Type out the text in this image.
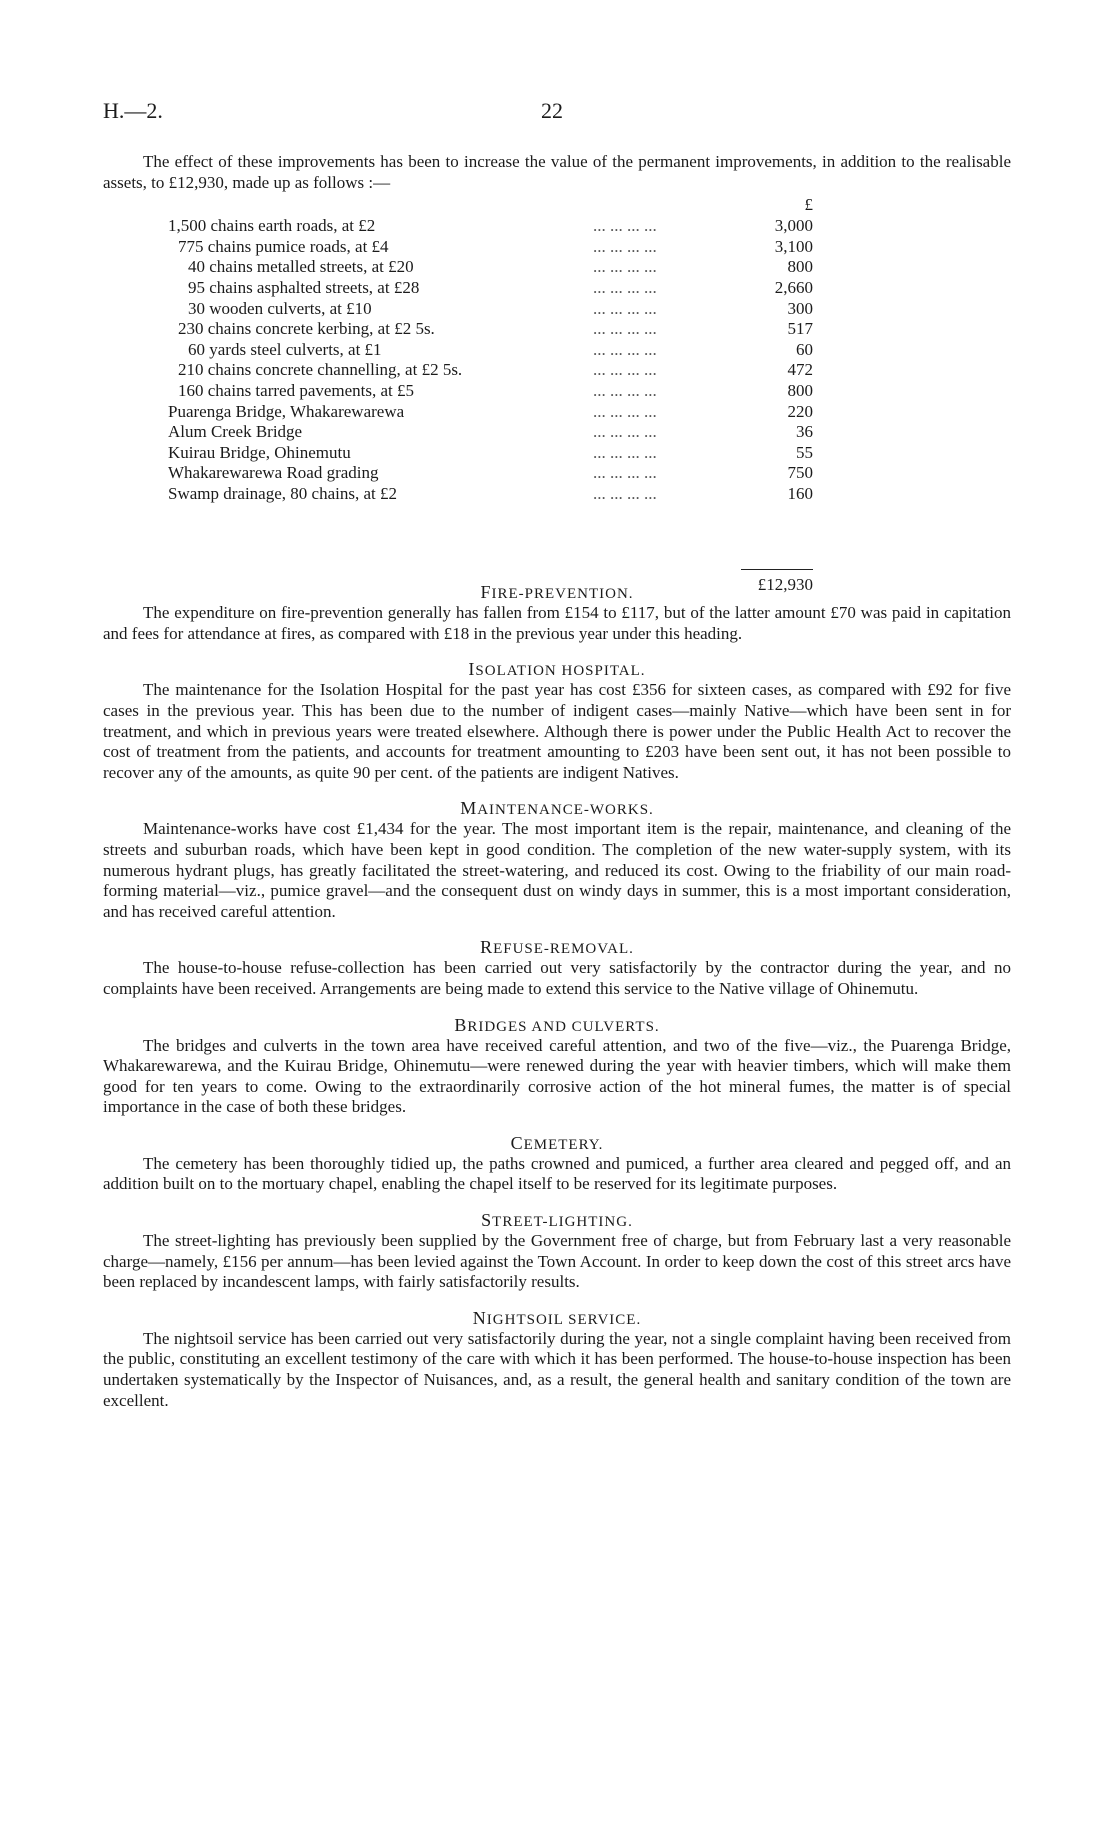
H.—2.	22

The effect of these improvements has been to increase the value of the permanent improvements, in addition to the realisable assets, to £12,930, made up as follows :—

£
1,500 chains earth roads, at £2	... ... ... ...	3,000
775 chains pumice roads, at £4	... ... ... ...	3,100
40 chains metalled streets, at £20	... ... ... ...	800
95 chains asphalted streets, at £28	... ... ... ...	2,660
30 wooden culverts, at £10	... ... ... ...	300
230 chains concrete kerbing, at £2 5s.	... ... ... ...	517
60 yards steel culverts, at £1	... ... ... ...	60
210 chains concrete channelling, at £2 5s.	... ... ... ...	472
160 chains tarred pavements, at £5	... ... ... ...	800
Puarenga Bridge, Whakarewarewa	... ... ... ...	220
Alum Creek Bridge	... ... ... ...	36
Kuirau Bridge, Ohinemutu	... ... ... ...	55
Whakarewarewa Road grading	... ... ... ...	750
Swamp drainage, 80 chains, at £2	... ... ... ...	160
£12,930
FIRE-PREVENTION.

The expenditure on fire-prevention generally has fallen from £154 to £117, but of the latter amount £70 was paid in capitation and fees for attendance at fires, as compared with £18 in the previous year under this heading.

ISOLATION HOSPITAL.

The maintenance for the Isolation Hospital for the past year has cost £356 for sixteen cases, as compared with £92 for five cases in the previous year. This has been due to the number of indigent cases—mainly Native—which have been sent in for treatment, and which in previous years were treated elsewhere. Although there is power under the Public Health Act to recover the cost of treatment from the patients, and accounts for treatment amounting to £203 have been sent out, it has not been possible to recover any of the amounts, as quite 90 per cent. of the patients are indigent Natives.

MAINTENANCE-WORKS.

Maintenance-works have cost £1,434 for the year. The most important item is the repair, maintenance, and cleaning of the streets and suburban roads, which have been kept in good condition. The completion of the new water-supply system, with its numerous hydrant plugs, has greatly facilitated the street-watering, and reduced its cost. Owing to the friability of our main road-forming material—viz., pumice gravel—and the consequent dust on windy days in summer, this is a most important consideration, and has received careful attention.

REFUSE-REMOVAL.

The house-to-house refuse-collection has been carried out very satisfactorily by the contractor during the year, and no complaints have been received. Arrangements are being made to extend this service to the Native village of Ohinemutu.

BRIDGES AND CULVERTS.

The bridges and culverts in the town area have received careful attention, and two of the five—viz., the Puarenga Bridge, Whakarewarewa, and the Kuirau Bridge, Ohinemutu—were renewed during the year with heavier timbers, which will make them good for ten years to come. Owing to the extraordinarily corrosive action of the hot mineral fumes, the matter is of special importance in the case of both these bridges.

CEMETERY.

The cemetery has been thoroughly tidied up, the paths crowned and pumiced, a further area cleared and pegged off, and an addition built on to the mortuary chapel, enabling the chapel itself to be reserved for its legitimate purposes.

STREET-LIGHTING.

The street-lighting has previously been supplied by the Government free of charge, but from February last a very reasonable charge—namely, £156 per annum—has been levied against the Town Account. In order to keep down the cost of this street arcs have been replaced by incandescent lamps, with fairly satisfactorily results.

NIGHTSOIL SERVICE.

The nightsoil service has been carried out very satisfactorily during the year, not a single complaint having been received from the public, constituting an excellent testimony of the care with which it has been performed. The house-to-house inspection has been undertaken systematically by the Inspector of Nuisances, and, as a result, the general health and sanitary condition of the town are excellent.
